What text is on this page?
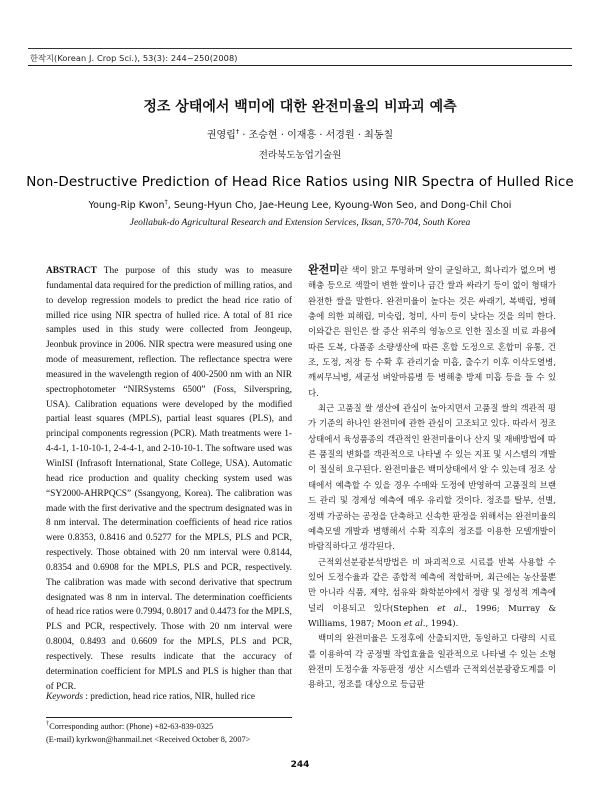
한작지(Korean J. Crop Sci.), 53(3): 244~250(2008)
정조 상태에서 백미에 대한 완전미율의 비파괴 예측
권영립† · 조승현 · 이재흥 · 서경원 · 최동칠
전라북도농업기술원
Non-Destructive Prediction of Head Rice Ratios using NIR Spectra of Hulled Rice
Young-Rip Kwon†, Seung-Hyun Cho, Jae-Heung Lee, Kyoung-Won Seo, and Dong-Chil Choi
Jeollabuk-do Agricultural Research and Extension Services, Iksan, 570-704, South Korea
ABSTRACT The purpose of this study was to measure fundamental data required for the prediction of milling ratios, and to develop regression models to predict the head rice ratio of milled rice using NIR spectra of hulled rice. A total of 81 rice samples used in this study were collected from Jeongeup, Jeonbuk province in 2006. NIR spectra were measured using one mode of measurement, reflection. The reflectance spectra were measured in the wavelength region of 400-2500 nm with an NIR spectrophotometer “NIRSystems 6500” (Foss, Silverspring, USA). Calibration equations were developed by the modified partial least squares (MPLS), partial least squares (PLS), and principal components regression (PCR). Math treatments were 1-4-4-1, 1-10-10-1, 2-4-4-1, and 2-10-10-1. The software used was WinISI (Infrasoft International, State College, USA). Automatic head rice production and quality checking system used was “SY2000-AHRPQCS” (Ssangyong, Korea). The calibration was made with the first derivative and the spectrum designated was in 8 nm interval. The determination coefficients of head rice ratios were 0.8353, 0.8416 and 0.5277 for the MPLS, PLS and PCR, respectively. Those obtained with 20 nm interval were 0.8144, 0.8354 and 0.6908 for the MPLS, PLS and PCR, respectively. The calibration was made with second derivative that spectrum designated was 8 nm in interval. The determination coefficients of head rice ratios were 0.7994, 0.8017 and 0.4473 for the MPLS, PLS and PCR, respectively. Those with 20 nm interval were 0.8004, 0.8493 and 0.6609 for the MPLS, PLS and PCR, respectively. These results indicate that the accuracy of determination coefficient for MPLS and PLS is higher than that of PCR.
Keywords : prediction, head rice ratios, NIR, hulled rice
†Corresponding author: (Phone) +82-63-839-0325
(E-mail) kyrkwon@hanmail.net <Received October 8, 2007>

완전미란 색이 맑고 투명하며 알이 균일하고, 희나리가 없으며 병해충 등으로 색깔이 변한 쌀이나 금간 쌀과 싸라기 등이 없이 형태가 완전한 쌀을 말한다. 완전미율이 높다는 것은 싸래기, 복백립, 병해충에 의한 피해립, 미숙립, 청미, 사미 등이 낮다는 것을 의미 한다. 이와같은 원인은 쌀 증산 위주의 영농으로 인한 질소질 비료 과용에 따른 도복, 다품종 소량생산에 따른 혼합 도정으로 혼합미 유통, 건조, 도정, 저장 등 수확 후 관리기술 미흡, 출수기 이후 이삭도열병, 깨씨무늬병, 세균성 벼알마름병 등 병해충 방제 미흡 등을 들 수 있다.

최근 고품질 쌀 생산에 관심이 높아지면서 고품질 쌀의 객관적 평가 기준의 하나인 완전미에 관한 관심이 고조되고 있다. 따라서 정조상태에서 육성품종의 객관적인 완전미율이나 산지 및 재배방법에 따른 품질의 변화를 객관적으로 나타낼 수 있는 지표 및 시스템의 개발이 절실히 요구된다. 완전미율은 백미상태에서 알 수 있는데 정조 상태에서 예측할 수 있을 경우 수매와 도정에 반영하여 고품질의 브랜드 관리 및 경제성 예측에 매우 유리할 것이다. 정조를 탈부, 선별, 정백 가공하는 공정을 단축하고 신속한 판정을 위해서는 완전미율의 예측모델 개발과 병행해서 수확 직후의 정조를 이용한 모델개발이 바람직하다고 생각된다.

근적외선분광분석방법은 비 파괴적으로 시료를 반복 사용할 수 있어 도정수율과 같은 종합적 예측에 적합하며, 최근에는 농산물뿐만 아니라 식품, 제약, 섬유와 화학분야에서 정량 및 정성적 계측에 널리 이용되고 있다(Stephen et al., 1996; Murray & Williams, 1987; Moon et al., 1994).

백미의 완전미율은 도정후에 산출되지만, 동일하고 다량의 시료를 이용하여 각 공정별 작업효율을 일관적으로 나타낼 수 있는 소형 완전미 도정수율 자동판정 생산 시스템과 근적외선분광광도계를 이용하고, 정조를 대상으로 등급판

244
